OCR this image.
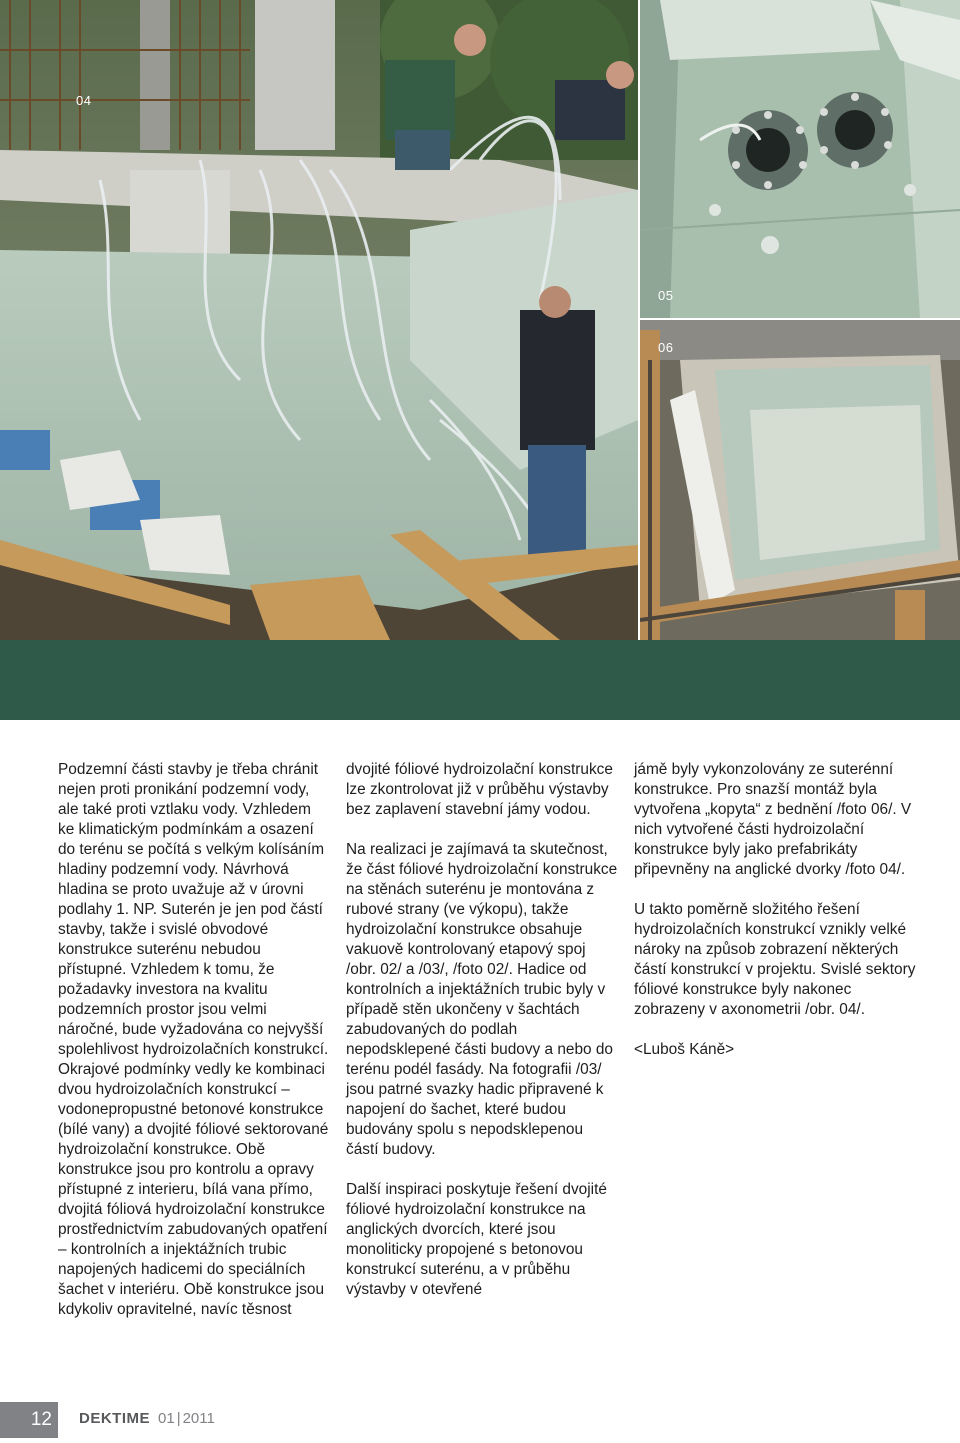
04
05
06

Podzemní části stavby je třeba chránit nejen proti pronikání podzemní vody, ale také proti vztlaku vody. Vzhledem ke klimatickým podmínkám a osazení do terénu se počítá s velkým kolísáním hladiny podzemní vody. Návrhová hladina se proto uvažuje až v úrovni podlahy 1. NP. Suterén je jen pod částí stavby, takže i svislé obvodové konstrukce suterénu nebudou přístupné. Vzhledem k tomu, že požadavky investora na kvalitu podzemních prostor jsou velmi náročné, bude vyžadována co nejvyšší spolehlivost hydroizolačních konstrukcí. Okrajové podmínky vedly ke kombinaci dvou hydroizolačních konstrukcí – vodonepropustné betonové konstrukce (bílé vany) a dvojité fóliové sektorované hydroizolační konstrukce. Obě konstrukce jsou pro kontrolu a opravy přístupné z interieru, bílá vana přímo, dvojitá fóliová hydroizolační konstrukce prostřednictvím zabudovaných opatření – kontrolních a injektážních trubic napojených hadicemi do speciálních šachet v interiéru. Obě konstrukce jsou kdykoliv opravitelné, navíc těsnost

dvojité fóliové hydroizolační konstrukce lze zkontrolovat již v průběhu výstavby bez zaplavení stavební jámy vodou.

Na realizaci je zajímavá ta skutečnost, že část fóliové hydroizolační konstrukce na stěnách suterénu je montována z rubové strany (ve výkopu), takže hydroizolační konstrukce obsahuje vakuově kontrolovaný etapový spoj /obr. 02/ a /03/, /foto 02/. Hadice od kontrolních a injektážních trubic byly v případě stěn ukončeny v šachtách zabudovaných do podlah nepodsklepené části budovy a nebo do terénu podél fasády. Na fotografii /03/ jsou patrné svazky hadic připravené k napojení do šachet, které budou budovány spolu s nepodsklepenou částí budovy.

Další inspiraci poskytuje řešení dvojité fóliové hydroizolační konstrukce na anglických dvorcích, které jsou monoliticky propojené s betonovou konstrukcí suterénu, a v průběhu výstavby v otevřené

jámě byly vykonzolovány ze suterénní konstrukce. Pro snazší montáž byla vytvořena „kopyta“ z bednění /foto 06/. V nich vytvořené části hydroizolační konstrukce byly jako prefabrikáty připevněny na anglické dvorky /foto 04/.

U takto poměrně složitého řešení hydroizolačních konstrukcí vznikly velké nároky na způsob zobrazení některých částí konstrukcí v projektu. Svislé sektory fóliové konstrukce byly nakonec zobrazeny v axonometrii /obr. 04/.

<Luboš Káně>

12	DEKTIME 01 | 2011
